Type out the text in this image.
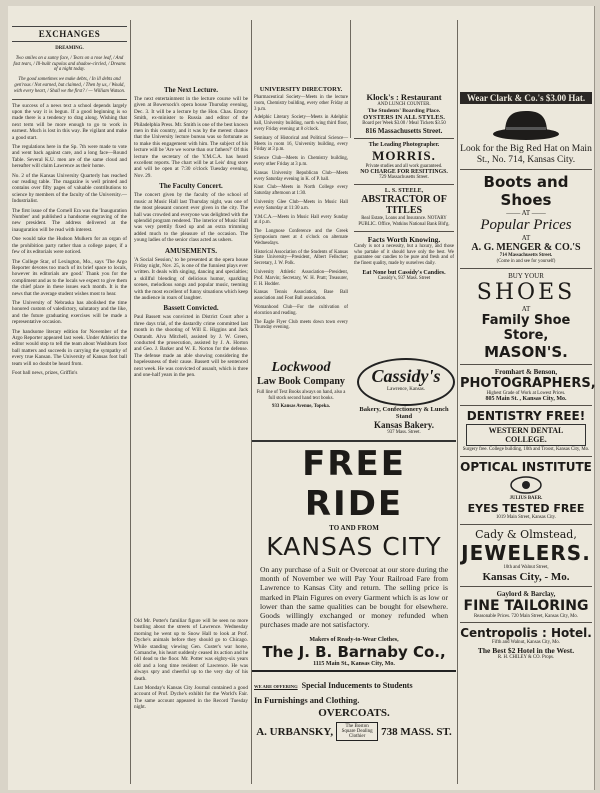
EXCHANGES
DREAMING.
Two smiles on a sunny face, / Tears on a rose leaf, / And fast tears, / Ill-built cupolas and shadow-circled, / Dreams of a night today.
The good sometimes we make debts, / In ill debts and gen'rous / Not earned, but claimed, / Then by us, / Would, with every heart, / Shall we the first? / — William Watson.

The success of a news text a school depends largely upon the way it is begun. If a good beginning is so made there is a tendency to drag along. Wishing that next term will be more enough to go to work in earnest. Much is lost in this way. Be vigilant and make a good start.

The regulations here in the Sp. 7th were made to vote and went back against care, and a long face—Round Table. Several K.U. men are of the same cloud and hereafter will claim Lawrence as their home.

No. 2 of the Kansas University Quarterly has reached our reading table. The magazine is well printed and contains over fifty pages of valuable contributions to science by members of the faculty of the University.—Industrialist.

The first issue of the Cornell Era was the 'Inauguration Number' and published a handsome engraving of the new president. The address delivered at the inauguration will be read with interest.

One would take the Hudson Mulkern for an organ of the prohibition party rather than a college paper, if a few of its editorials were noticed.

The College Star, of Lexington, Mo., says 'The Argo Reporter devotes too much of its brief space to locals, however its editorials are good.' Thank you for the compliment and as to the locals we expect to give them the chief place in these issues each month. It is the news that the average student wishes most to hear.

The University of Nebraska has abolished the time honored custom of valedictory, salutatory and the like, and the future graduating exercises will be made a representative occasion.

The handsome literary edition for November of the Argo Reporter appeared last week. Under Athletics the editor would stop to tell the team about Washburn foot ball matters and succeeds in carrying the sympathy of every true Kansan. The University of Kansas foot ball team will no doubt be heard from.

Foot ball news, prizes, Griffin's

The Next Lecture.

The next entertainment in the lecture course will be given at Bowersock's opera house Thursday evening, Dec. 3. It will be a lecture by the Hon. Chas. Emory Smith, ex-minister to Russia and editor of the Philadelphia Press. Mr. Smith is one of the best known men in this country, and it was by the merest chance that the University lecture bureau was so fortunate as to make this engagement with him. The subject of his lecture will be 'Are we worse than our fathers?' Of this lecture the secretary of the Y.M.C.A. has heard excellent reports. The chart will be at Leis' drug store and will be open at 7:30 o'clock Tuesday evening, Nov. 29.

The Faculty Concert.

The concert given by the faculty of the school of music at Music Hall last Thursday night, was one of the most pleasant concert ever given in the city. The hall was crowded and everyone was delighted with the splendid program rendered. The interior of Music Hall was very prettily fixed up and an extra trimming added much to the pleasure of the occasion. The young ladies of the senior class acted as ushers.

AMUSEMENTS.

'A Social Session,' to be presented at the opera house Friday night, Nov. 25, is one of the funniest plays ever written. It deals with singing, dancing and specialties; a skillful blending of delicious humor, sparkling scenes, melodious songs and popular music, teeming with the most excellent of funny situations which keep the audience in roars of laughter.

Bassett Convicted.

Paul Bassett was convicted in District Court after a three days trial, of the dastardly crime committed last month in the shooting of Will E. Higgins and Jack Ostrandt. Alva Mitchell, assisted by J. W. Green, conducted the prosecution, assisted by J. A. Horton and Geo. J. Barker and W. E. Norton for the defense. The defense made an able showing considering the hopelessness of their cause. Bassett will be sentenced next week. He was convicted of assault, which is three and one-half years in the pen.

Old Mr. Potter's familiar figure will be seen no more bustling about the streets of Lawrence. Wednesday morning he went up to Snow Hall to look at Prof. Dyche's animals before they should go to Chicago. While standing viewing Gen. Custer's war horse, Comanche, his heart suddenly ceased its action and he fell dead to the floor. Mr. Potter was eighty-six years old and a long time resident of Lawrence. He was always spry and cheerful up to the very day of his death.

Last Monday's Kansas City Journal contained a good account of Prof. Dyche's exhibit for the World's Fair. The same account appeared in the Record Tuesday night.

UNIVERSITY DIRECTORY.

Pharmaceutical Society—Meets in the lecture room, Chemistry building, every other Friday at 3 p.m.

Adelphic Literary Society—Meets in Adelphic hall, University building, north wing third floor, every Friday evening at 8 o'clock.

Seminary of Historical and Political Science—Meets in room 16, University building, every Friday at 3 p.m.

Science Club—Meets in Chemistry building, every other Friday at 3 p.m.

Kansas University Republican Club—Meets every Saturday evening in K. of P. hall.

Knot Club—Meets in North College every Saturday afternoon at 1:30.

University Glee Club—Meets in Music Hall every Saturday at 11:30 a.m.

Y.M.C.A.—Meets in Music Hall every Sunday at 4 p.m.

The Longnose Conference and the Greek Symposium meet at 4 o'clock on alternate Wednesdays.

Historical Association of the Students of Kansas State University—President, Albert Fellscher; Secretary, J. W. Polk.

University Athletic Association—President, Prof. Marvin; Secretary, W. H. Pratt; Treasurer, F. H. Hodder.

Kansas Tennis Association, Base Ball association and Foot Ball association.

Womanhood Club—For the cultivation of elocution and reading.

The Eagle Flyer Club meets down town every Thursday evening.

Lockwood
Law Book Company
Full line of Text Books always on hand, also a full stock second hand text books.
933 Kansas Avenue, Topeka.
Klock's : Restaurant
AND LUNCH COUNTER.
The Students' Boarding Place.
OYSTERS IN ALL STYLES.
Board per Week $3.00 / Meal Tickets $3.50
816 Massachusetts Street.
The Leading Photographer.
MORRIS.
Private studies and all work guaranteed.
NO CHARGE FOR RESITTINGS.
729 Massachusetts Street.
L. S. STEELE,
ABSTRACTOR OF TITLES
Real Estate, Loans and Insurance. NOTARY PUBLIC. Office, Watkins National Bank Bld'g.
Facts Worth Knowing.
Candy is not a necessity, but a luxury, and those who partake of it should have only the best. We guarantee our candies to be pure and fresh and of the finest quality, made by ourselves daily.
Eat None but Cassidy's Candies.
Cassidy's, 937 Mass. Street
Cassidy's
Lawrence, Kansas.
Bakery, Confectionery & Lunch Stand
Kansas Bakery.
937 Mass. Street.
FREE RIDE
TO AND FROM
KANSAS CITY
On any purchase of a Suit or Overcoat at our store during the month of November we will Pay Your Railroad Fare from Lawrence to Kansas City and return. The selling price is marked in Plain Figures on every Garment which is as low or lower than the same qualities can be bought for elsewhere. Goods willingly exchanged or money refunded when purchases made are not satisfactory.
Makers of Ready-to-Wear Clothes,
The J. B. Barnaby Co.,
1115 Main St., Kansas City, Mo.
WE ARE OFFERING Special Inducements to Students
In Furnishings and Clothing.
OVERCOATS.
A. URBANSKY,	The Boston Square Dealing Clothier	738 MASS. ST.
Wear Clark & Co.'s $3.00 Hat.
Look for the Big Red Hat on Main St., No. 714, Kansas City.
Boots and Shoes
—— AT ——
Popular Prices
AT
A. G. MENGER & CO.'S
714 Massachusetts Street.
(Come in and see for yourself)
BUY YOUR
SHOES
AT
Family Shoe Store,
MASON'S.
Fromhart & Benson,
PHOTOGRAPHERS,
Highest Grade of Work at Lowest Prices.
805 Main St. , Kansas City, Mo.
DENTISTRY FREE!
WESTERN DENTAL COLLEGE.
Surgery free. College building, 10th and Troost, Kansas City, Mo.
OPTICAL INSTITUTE
JULIUS BAER.
EYES TESTED FREE
1019 Main Street, Kansas City.
Cady & Olmstead,
JEWELERS.
10th and Walnut Street,
Kansas City, - Mo.
Gaylord & Barclay,
FINE TAILORING
Reasonable Prices. 720 Main Street, Kansas City, Mo.
Centropolis : Hotel.
Fifth and Walnut, Kansas City, Mo.
The Best $2 Hotel in the West.
R. H. CHILEY & CO. Props.
